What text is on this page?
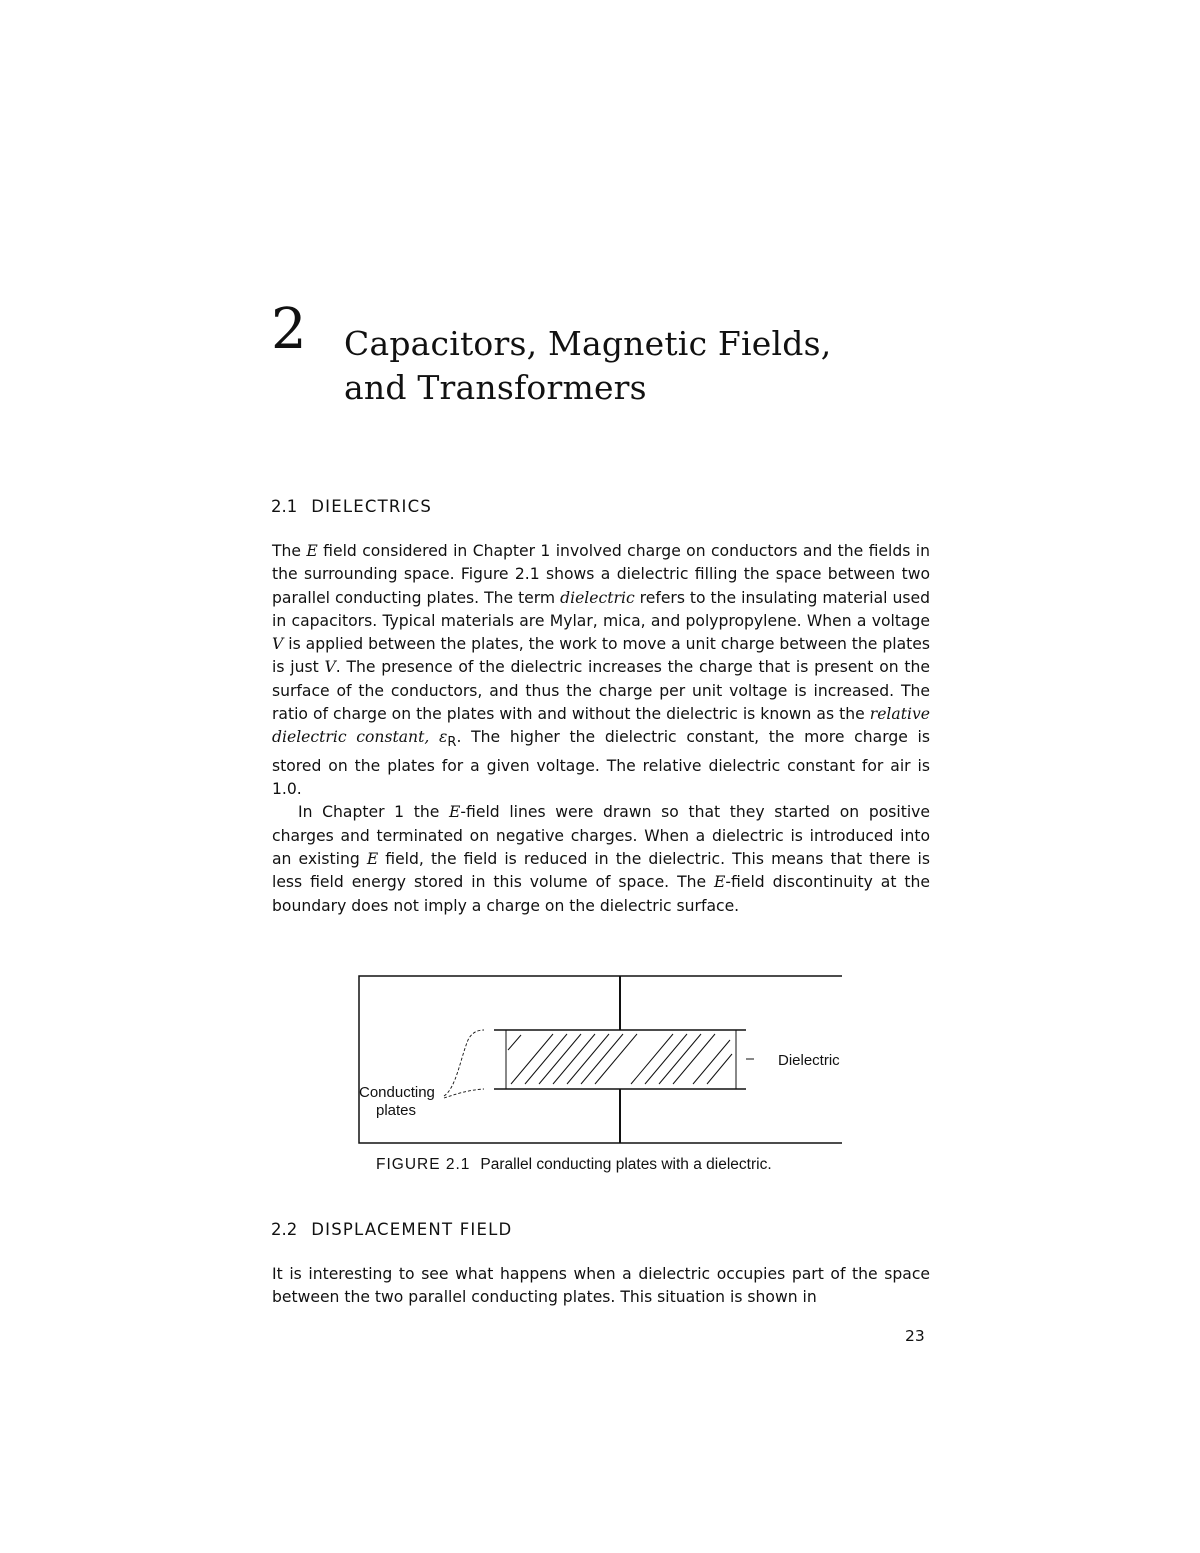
2 Capacitors, Magnetic Fields,
and Transformers
2.1 DIELECTRICS

The E field considered in Chapter 1 involved charge on conductors and the fields in the surrounding space. Figure 2.1 shows a dielectric filling the space between two parallel conducting plates. The term dielectric refers to the insulating material used in capacitors. Typical materials are Mylar, mica, and polypropylene. When a voltage V is applied between the plates, the work to move a unit charge between the plates is just V. The presence of the dielectric increases the charge that is present on the surface of the conductors, and thus the charge per unit voltage is increased. The ratio of charge on the plates with and without the dielectric is known as the relative dielectric constant, $\varepsilon_R$. The higher the dielectric constant, the more charge is stored on the plates for a given voltage. The relative dielectric constant for air is 1.0.

In Chapter 1 the E-field lines were drawn so that they started on positive charges and terminated on negative charges. When a dielectric is introduced into an existing E field, the field is reduced in the dielectric. This means that there is less field energy stored in this volume of space. The E-field discontinuity at the boundary does not imply a charge on the dielectric surface.

Conducting
plates
Dielectric
FIGURE 2.1 Parallel conducting plates with a dielectric.
2.2 DISPLACEMENT FIELD

It is interesting to see what happens when a dielectric occupies part of the space between the two parallel conducting plates. This situation is shown in

23
